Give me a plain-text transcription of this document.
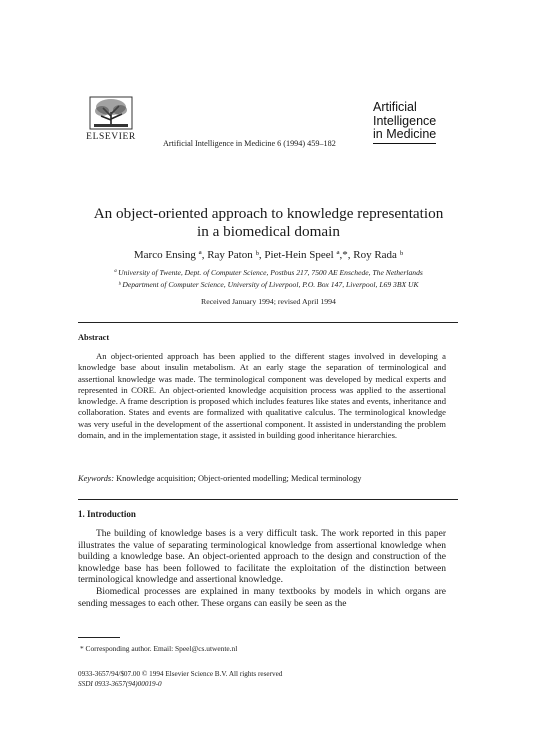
ELSEVIER
Artificial Intelligence in Medicine 6 (1994) 459–182
Artificial
Intelligence
in Medicine
An object-oriented approach to knowledge representation
in a biomedical domain
Marco Ensing ª, Ray Paton ᵇ, Piet-Hein Speel ª,*, Roy Rada ᵇ
ª University of Twente, Dept. of Computer Science, Postbus 217, 7500 AE Enschede, The Netherlands
ᵇ Department of Computer Science, University of Liverpool, P.O. Box 147, Liverpool, L69 3BX UK
Received January 1994; revised April 1994
Abstract

An object-oriented approach has been applied to the different stages involved in developing a knowledge base about insulin metabolism. At an early stage the separation of terminological and assertional knowledge was made. The terminological component was developed by medical experts and represented in CORE. An object-oriented knowledge acquisition process was applied to the assertional knowledge. A frame description is proposed which includes features like states and events, inheritance and collaboration. States and events are formalized with qualitative calculus. The terminological knowledge was very useful in the development of the assertional component. It assisted in understanding the problem domain, and in the implementation stage, it assisted in building good inheritance hierarchies.

Keywords: Knowledge acquisition; Object-oriented modelling; Medical terminology
1. Introduction

The building of knowledge bases is a very difficult task. The work reported in this paper illustrates the value of separating terminological knowledge from assertional knowledge when building a knowledge base. An object-oriented approach to the design and construction of the knowledge base has been followed to facilitate the exploitation of the distinction between terminological knowledge and assertional knowledge.

Biomedical processes are explained in many textbooks by models in which organs are sending messages to each other. These organs can easily be seen as the

* Corresponding author. Email: Speel@cs.utwente.nl
0933-3657/94/$07.00 © 1994 Elsevier Science B.V. All rights reserved
SSDI 0933-3657(94)00019-0
